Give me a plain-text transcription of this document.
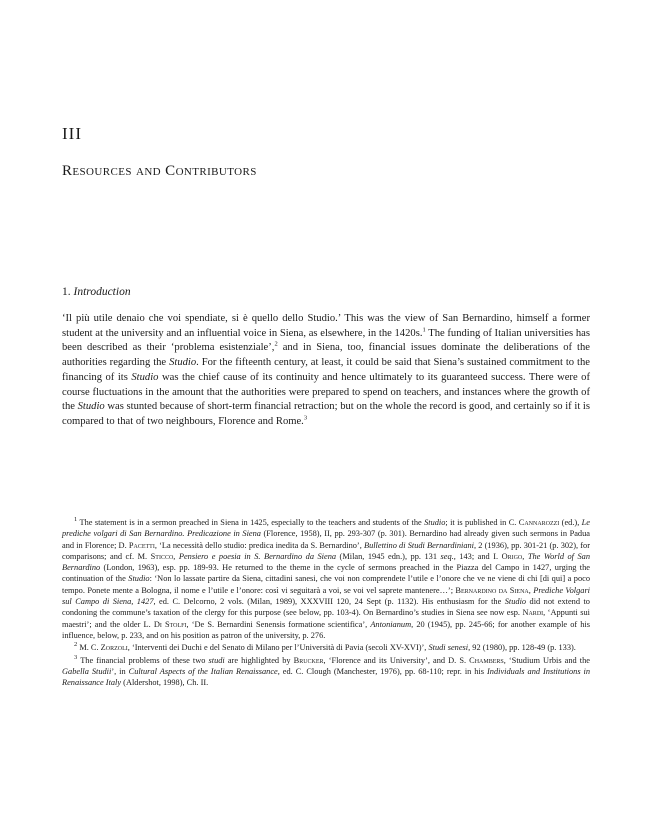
III
Resources and Contributors
1. Introduction
‘Il più utile denaio che voi spendiate, si è quello dello Studio.’ This was the view of San Bernardino, himself a former student at the university and an influential voice in Siena, as elsewhere, in the 1420s.$^1$ The funding of Italian universities has been described as their ‘problema esistenziale’,$^2$ and in Siena, too, financial issues dominate the deliberations of the authorities regarding the Studio. For the fifteenth century, at least, it could be said that Siena’s sustained commitment to the financing of its Studio was the chief cause of its continuity and hence ultimately to its guaranteed success. There were of course fluctuations in the amount that the authorities were prepared to spend on teachers, and instances where the growth of the Studio was stunted because of short-term financial retraction; but on the whole the record is good, and certainly so if it is compared to that of two neighbours, Florence and Rome.$^3$

$^1$ The statement is in a sermon preached in Siena in 1425, especially to the teachers and students of the Studio; it is published in C. Cannarozzi (ed.), Le prediche volgari di San Bernardino. Predicazione in Siena (Florence, 1958), II, pp. 293-307 (p. 301). Bernardino had already given such sermons in Padua and in Florence; D. Pacetti, ‘La necessità dello studio: predica inedita da S. Bernardino’, Bullettino di Studi Bernardiniani, 2 (1936), pp. 301-21 (p. 302), for comparisons; and cf. M. Sticco, Pensiero e poesia in S. Bernardino da Siena (Milan, 1945 edn.), pp. 131 seq., 143; and I. Origo, The World of San Bernardino (London, 1963), esp. pp. 189-93. He returned to the theme in the cycle of sermons preached in the Piazza del Campo in 1427, urging the continuation of the Studio: ‘Non lo lassate partire da Siena, cittadini sanesi, che voi non comprendete l’utile e l’onore che ve ne viene di chi [di qui] a poco tempo. Ponete mente a Bologna, il nome e l’utile e l’onore: così vi seguitarà a voi, se voi vel saprete mantenere…’; Bernardino da Siena, Prediche Volgari sul Campo di Siena, 1427, ed. C. Delcorno, 2 vols. (Milan, 1989), XXXVIII 120, 24 Sept (p. 1132). His enthusiasm for the Studio did not extend to condoning the commune’s taxation of the clergy for this purpose (see below, pp. 103-4). On Bernardino’s studies in Siena see now esp. Nardi, ‘Appunti sui maestri’; and the older L. Di Stolfi, ‘De S. Bernardini Senensis formatione scientifica’, Antonianum, 20 (1945), pp. 245-66; for another example of his influence, below, p. 233, and on his position as patron of the university, p. 276.

$^2$ M. C. Zorzoli, ‘Interventi dei Duchi e del Senato di Milano per l’Università di Pavia (secoli XV-XVI)’, Studi senesi, 92 (1980), pp. 128-49 (p. 133).

$^3$ The financial problems of these two studi are highlighted by Brucker, ‘Florence and its University’, and D. S. Chambers, ‘Studium Urbis and the Gabella Studii’, in Cultural Aspects of the Italian Renaissance, ed. C. Clough (Manchester, 1976), pp. 68-110; repr. in his Individuals and Institutions in Renaissance Italy (Aldershot, 1998), Ch. II.
